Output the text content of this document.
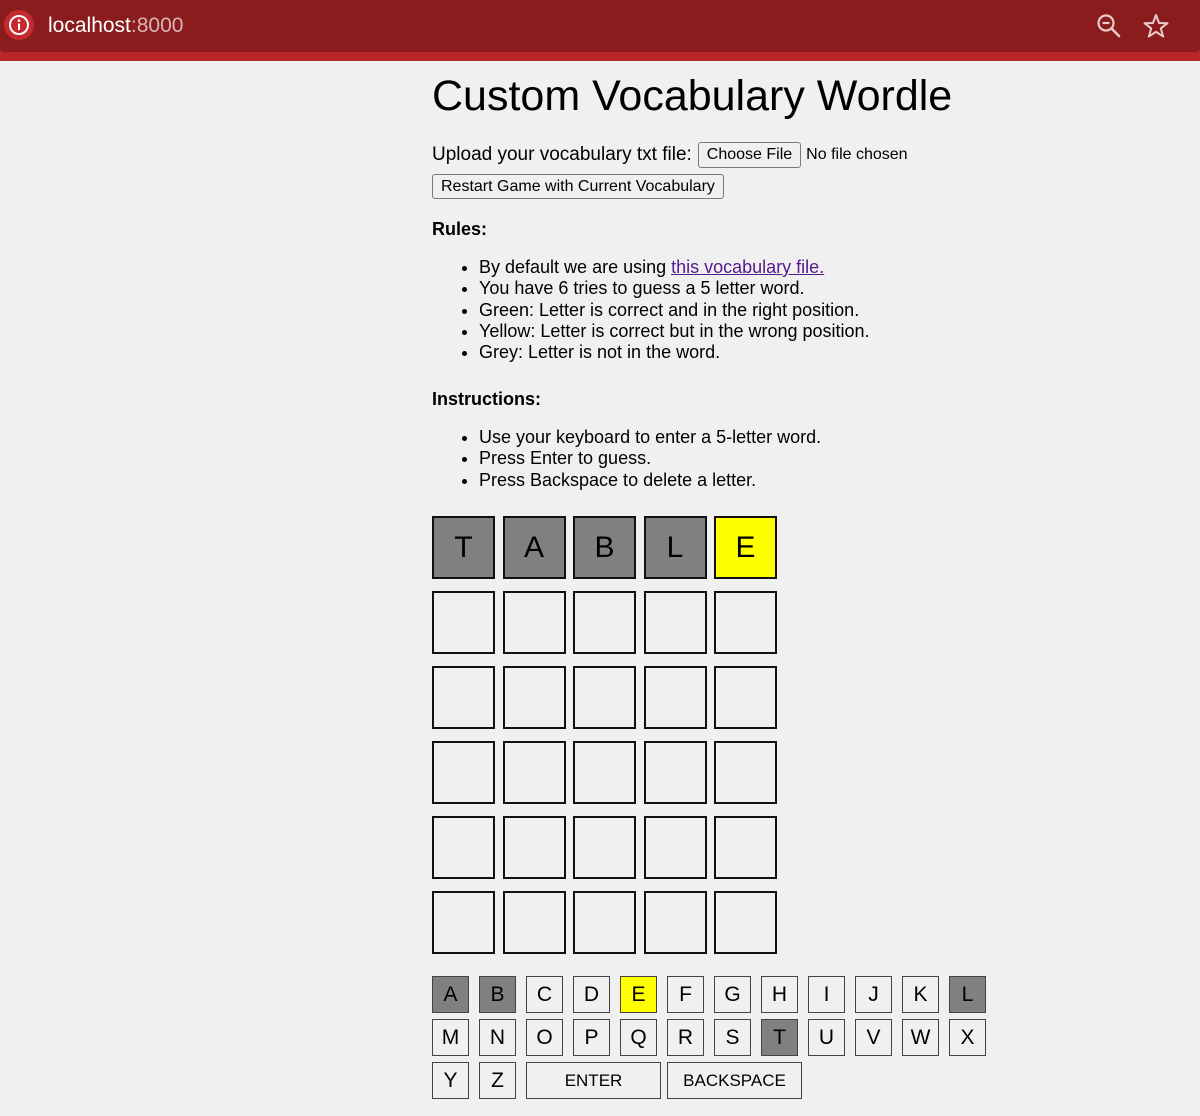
localhost:8000
Custom Vocabulary Wordle
Upload your vocabulary txt file: Choose File No file chosen
Restart Game with Current Vocabulary
Rules:
• By default we are using this vocabulary file.
• You have 6 tries to guess a 5 letter word.
• Green: Letter is correct and in the right position.
• Yellow: Letter is correct but in the wrong position.
• Grey: Letter is not in the word.
Instructions:
• Use your keyboard to enter a 5-letter word.
• Press Enter to guess.
• Press Backspace to delete a letter.
T	A	B	L	E
A	B	C	D	E	F	G	H	I	J	K	L
M	N	O	P	Q	R	S	T	U	V	W	X
Y	Z	ENTER	BACKSPACE
